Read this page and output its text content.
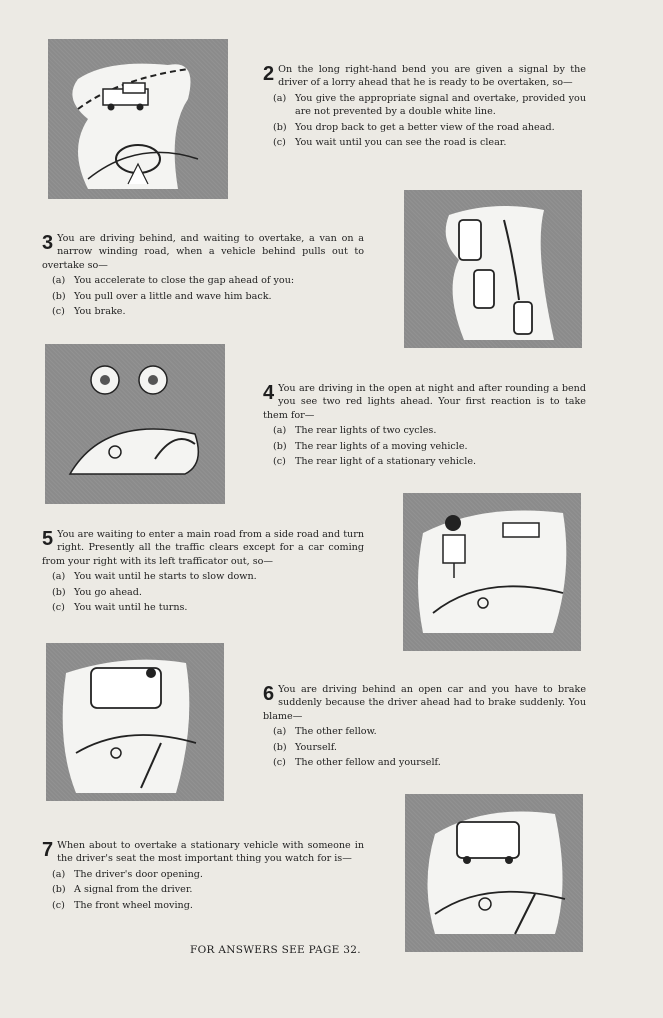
2 On the long right-hand bend you are given a signal by the driver of a lorry ahead that he is ready to be overtaken, so—

(a) You give the appropriate signal and overtake, provided you are not prevented by a double white line.
(b) You drop back to get a better view of the road ahead.
(c) You wait until you can see the road is clear.
3 You are driving behind, and waiting to overtake, a van on a narrow winding road, when a vehicle behind pulls out to overtake so—

(a) You accelerate to close the gap ahead of you:
(b) You pull over a little and wave him back.
(c) You brake.
4 You are driving in the open at night and after rounding a bend you see two red lights ahead. Your first reaction is to take them for—

(a) The rear lights of two cycles.
(b) The rear lights of a moving vehicle.
(c) The rear light of a stationary vehicle.
5 You are waiting to enter a main road from a side road and turn right. Presently all the traffic clears except for a car coming from your right with its left trafficator out, so—

(a) You wait until he starts to slow down.
(b) You go ahead.
(c) You wait until he turns.
6 You are driving behind an open car and you have to brake suddenly because the driver ahead had to brake suddenly. You blame—

(a) The other fellow.
(b) Yourself.
(c) The other fellow and yourself.
7 When about to overtake a stationary vehicle with someone in the driver's seat the most important thing you watch for is—

(a) The driver's door opening.
(b) A signal from the driver.
(c) The front wheel moving.
FOR ANSWERS SEE PAGE 32.
